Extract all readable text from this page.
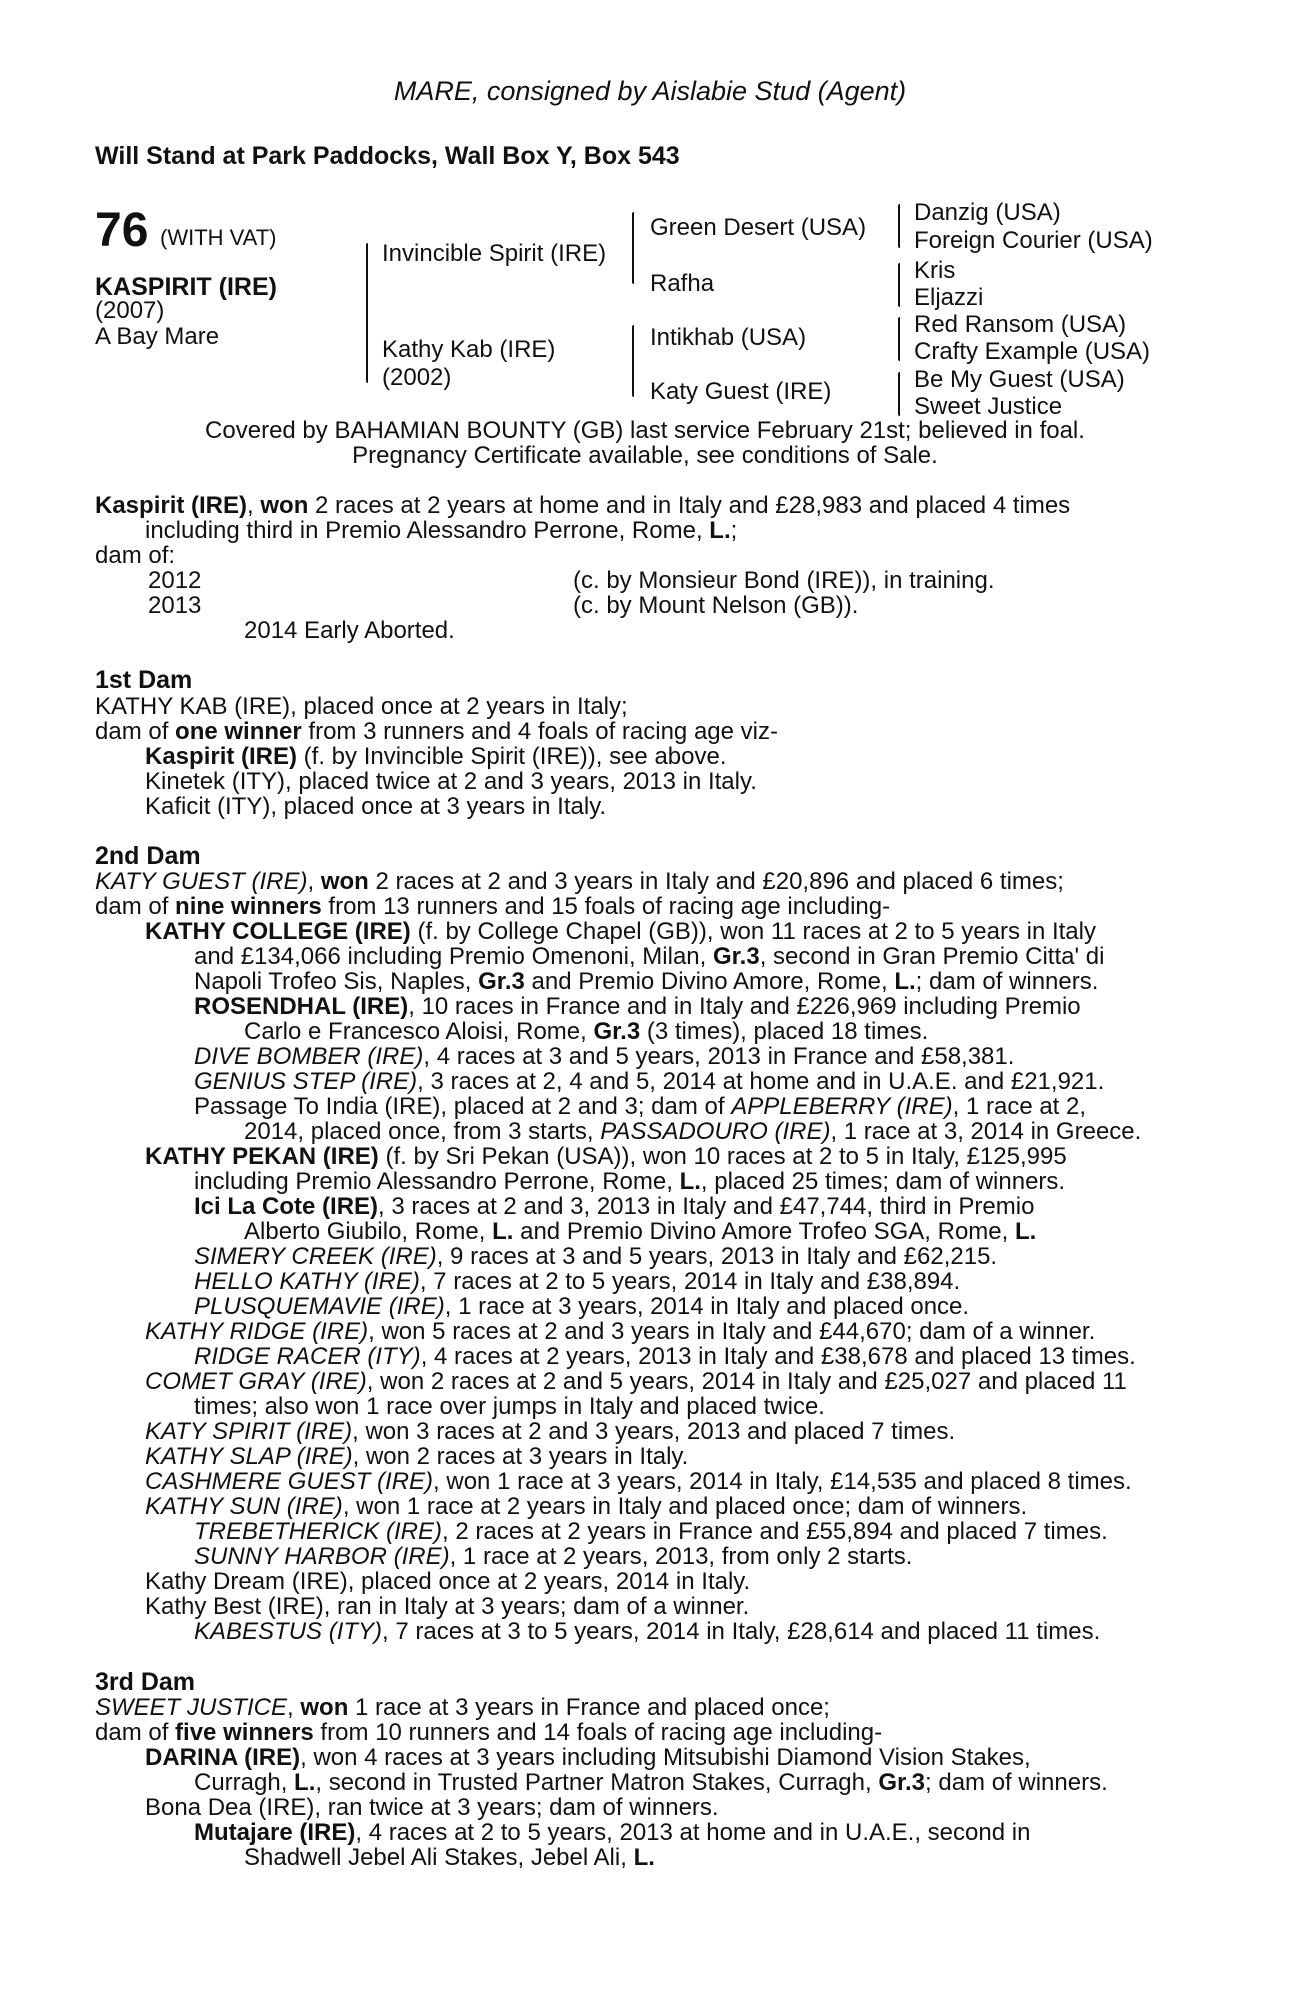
MARE, consigned by Aislabie Stud (Agent)
Will Stand at Park Paddocks, Wall Box Y, Box 543
76 (WITH VAT)
KASPIRIT (IRE)
(2007)
A Bay Mare
Invincible Spirit (IRE)
Kathy Kab (IRE)
(2002)
Green Desert (USA)
Rafha
Intikhab (USA)
Katy Guest (IRE)
Danzig (USA)
Foreign Courier (USA)
Kris
Eljazzi
Red Ransom (USA)
Crafty Example (USA)
Be My Guest (USA)
Sweet Justice
Covered by BAHAMIAN BOUNTY (GB) last service February 21st; believed in foal.
Pregnancy Certificate available, see conditions of Sale.
Kaspirit (IRE), won 2 races at 2 years at home and in Italy and £28,983 and placed 4 times
including third in Premio Alessandro Perrone, Rome, L.;
dam of:
2012	(c. by Monsieur Bond (IRE)), in training.
2013	(c. by Mount Nelson (GB)).
2014 Early Aborted.
1st Dam
KATHY KAB (IRE), placed once at 2 years in Italy;
dam of one winner from 3 runners and 4 foals of racing age viz-
Kaspirit (IRE) (f. by Invincible Spirit (IRE)), see above.
Kinetek (ITY), placed twice at 2 and 3 years, 2013 in Italy.
Kaficit (ITY), placed once at 3 years in Italy.
2nd Dam
KATY GUEST (IRE), won 2 races at 2 and 3 years in Italy and £20,896 and placed 6 times;
dam of nine winners from 13 runners and 15 foals of racing age including-
KATHY COLLEGE (IRE) (f. by College Chapel (GB)), won 11 races at 2 to 5 years in Italy
and £134,066 including Premio Omenoni, Milan, Gr.3, second in Gran Premio Citta' di
Napoli Trofeo Sis, Naples, Gr.3 and Premio Divino Amore, Rome, L.; dam of winners.
ROSENDHAL (IRE), 10 races in France and in Italy and £226,969 including Premio
Carlo e Francesco Aloisi, Rome, Gr.3 (3 times), placed 18 times.
DIVE BOMBER (IRE), 4 races at 3 and 5 years, 2013 in France and £58,381.
GENIUS STEP (IRE), 3 races at 2, 4 and 5, 2014 at home and in U.A.E. and £21,921.
Passage To India (IRE), placed at 2 and 3; dam of APPLEBERRY (IRE), 1 race at 2,
2014, placed once, from 3 starts, PASSADOURO (IRE), 1 race at 3, 2014 in Greece.
KATHY PEKAN (IRE) (f. by Sri Pekan (USA)), won 10 races at 2 to 5 in Italy, £125,995
including Premio Alessandro Perrone, Rome, L., placed 25 times; dam of winners.
Ici La Cote (IRE), 3 races at 2 and 3, 2013 in Italy and £47,744, third in Premio
Alberto Giubilo, Rome, L. and Premio Divino Amore Trofeo SGA, Rome, L.
SIMERY CREEK (IRE), 9 races at 3 and 5 years, 2013 in Italy and £62,215.
HELLO KATHY (IRE), 7 races at 2 to 5 years, 2014 in Italy and £38,894.
PLUSQUEMAVIE (IRE), 1 race at 3 years, 2014 in Italy and placed once.
KATHY RIDGE (IRE), won 5 races at 2 and 3 years in Italy and £44,670; dam of a winner.
RIDGE RACER (ITY), 4 races at 2 years, 2013 in Italy and £38,678 and placed 13 times.
COMET GRAY (IRE), won 2 races at 2 and 5 years, 2014 in Italy and £25,027 and placed 11
times; also won 1 race over jumps in Italy and placed twice.
KATY SPIRIT (IRE), won 3 races at 2 and 3 years, 2013 and placed 7 times.
KATHY SLAP (IRE), won 2 races at 3 years in Italy.
CASHMERE GUEST (IRE), won 1 race at 3 years, 2014 in Italy, £14,535 and placed 8 times.
KATHY SUN (IRE), won 1 race at 2 years in Italy and placed once; dam of winners.
TREBETHERICK (IRE), 2 races at 2 years in France and £55,894 and placed 7 times.
SUNNY HARBOR (IRE), 1 race at 2 years, 2013, from only 2 starts.
Kathy Dream (IRE), placed once at 2 years, 2014 in Italy.
Kathy Best (IRE), ran in Italy at 3 years; dam of a winner.
KABESTUS (ITY), 7 races at 3 to 5 years, 2014 in Italy, £28,614 and placed 11 times.
3rd Dam
SWEET JUSTICE, won 1 race at 3 years in France and placed once;
dam of five winners from 10 runners and 14 foals of racing age including-
DARINA (IRE), won 4 races at 3 years including Mitsubishi Diamond Vision Stakes,
Curragh, L., second in Trusted Partner Matron Stakes, Curragh, Gr.3; dam of winners.
Bona Dea (IRE), ran twice at 3 years; dam of winners.
Mutajare (IRE), 4 races at 2 to 5 years, 2013 at home and in U.A.E., second in
Shadwell Jebel Ali Stakes, Jebel Ali, L.
